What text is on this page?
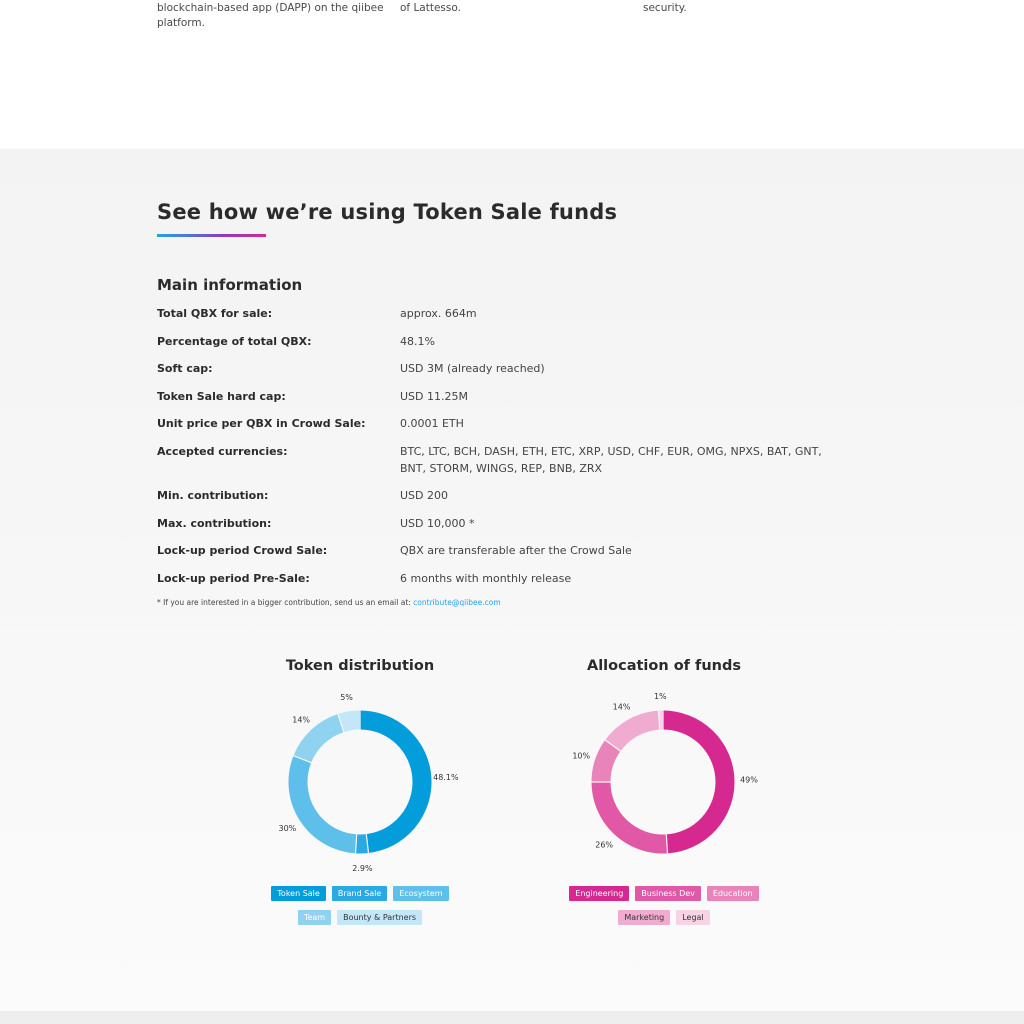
blockchain-based app (DAPP) on the qiibee platform.
of Lattesso.	security.
See how we’re using Token Sale funds
Main information
Total QBX for sale:	approx. 664m
Percentage of total QBX:	48.1%
Soft cap:	USD 3M (already reached)
Token Sale hard cap:	USD 11.25M
Unit price per QBX in Crowd Sale:	0.0001 ETH
Accepted currencies:	BTC, LTC, BCH, DASH, ETH, ETC, XRP, USD, CHF, EUR, OMG, NPXS, BAT, GNT, BNT, STORM, WINGS, REP, BNB, ZRX
Min. contribution:	USD 200
Max. contribution:	USD 10,000 *
Lock-up period Crowd Sale:	QBX are transferable after the Crowd Sale
Lock-up period Pre-Sale:	6 months with monthly release
* If you are interested in a bigger contribution, send us an email at: contribute@qiibee.com
Token distribution
48.1%
2.9%
30%
14%
5%
Token Sale	Brand Sale	Ecosystem
Team	Bounty & Partners
Allocation of funds
49%
26%
10%
14%
1%
Engineering	Business Dev	Education
Marketing	Legal
